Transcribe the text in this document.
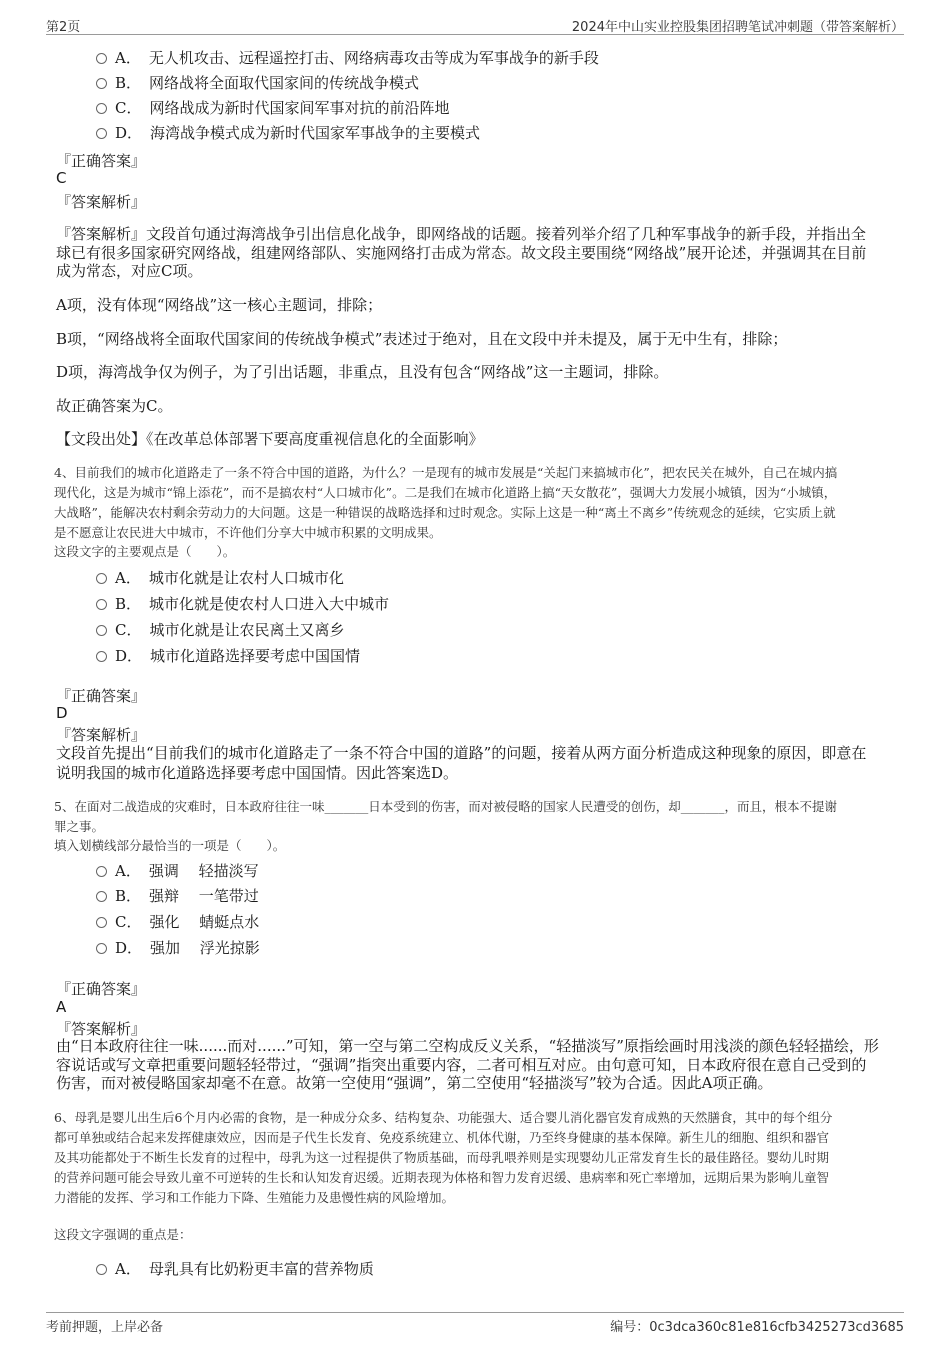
第2页	2024年中山实业控股集团招聘笔试冲刺题（带答案解析）
A． 无人机攻击、远程遥控打击、网络病毒攻击等成为军事战争的新手段
B． 网络战将全面取代国家间的传统战争模式
C． 网络战成为新时代国家间军事对抗的前沿阵地
D． 海湾战争模式成为新时代国家军事战争的主要模式
『正确答案』
C
『答案解析』
『答案解析』文段首句通过海湾战争引出信息化战争，即网络战的话题。接着列举介绍了几种军事战争的新手段，并指出全
球已有很多国家研究网络战，组建网络部队、实施网络打击成为常态。故文段主要围绕“网络战”展开论述，并强调其在目前
成为常态，对应C项。
A项，没有体现“网络战”这一核心主题词，排除；
B项，“网络战将全面取代国家间的传统战争模式”表述过于绝对，且在文段中并未提及，属于无中生有，排除；
D项，海湾战争仅为例子，为了引出话题，非重点，且没有包含“网络战”这一主题词，排除。
故正确答案为C。
【文段出处】《在改革总体部署下要高度重视信息化的全面影响》
4、目前我们的城市化道路走了一条不符合中国的道路，为什么？一是现有的城市发展是“关起门来搞城市化”，把农民关在城外，自己在城内搞
现代化，这是为城市“锦上添花”，而不是搞农村“人口城市化”。二是我们在城市化道路上搞“天女散花”，强调大力发展小城镇，因为“小城镇，
大战略”，能解决农村剩余劳动力的大问题。这是一种错误的战略选择和过时观念。实际上这是一种“离土不离乡”传统观念的延续，它实质上就
是不愿意让农民进大中城市，不许他们分享大中城市积累的文明成果。
这段文字的主要观点是（　　）。
A． 城市化就是让农村人口城市化
B． 城市化就是使农村人口进入大中城市
C． 城市化就是让农民离土又离乡
D． 城市化道路选择要考虑中国国情
『正确答案』
D
『答案解析』
文段首先提出“目前我们的城市化道路走了一条不符合中国的道路”的问题，接着从两方面分析造成这种现象的原因，即意在
说明我国的城市化道路选择要考虑中国国情。因此答案选D。
5、在面对二战造成的灾难时，日本政府往往一味_______日本受到的伤害，而对被侵略的国家人民遭受的创伤，却_______，而且，根本不提谢
罪之事。
填入划横线部分最恰当的一项是（　　）。
A． 强调　 轻描淡写
B． 强辩　 一笔带过
C． 强化　 蜻蜓点水
D． 强加　 浮光掠影
『正确答案』
A
『答案解析』
由“日本政府往往一味......而对......”可知，第一空与第二空构成反义关系，“轻描淡写”原指绘画时用浅淡的颜色轻轻描绘，形
容说话或写文章把重要问题轻轻带过，“强调”指突出重要内容，二者可相互对应。由句意可知，日本政府很在意自己受到的
伤害，而对被侵略国家却毫不在意。故第一空使用“强调”，第二空使用“轻描淡写”较为合适。因此A项正确。
6、母乳是婴儿出生后6个月内必需的食物，是一种成分众多、结构复杂、功能强大、适合婴儿消化器官发育成熟的天然膳食，其中的每个组分
都可单独或结合起来发挥健康效应，因而是子代生长发育、免疫系统建立、机体代谢，乃至终身健康的基本保障。新生儿的细胞、组织和器官
及其功能都处于不断生长发育的过程中，母乳为这一过程提供了物质基础，而母乳喂养则是实现婴幼儿正常发育生长的最佳路径。婴幼儿时期
的营养问题可能会导致儿童不可逆转的生长和认知发育迟缓。近期表现为体格和智力发育迟缓、患病率和死亡率增加，远期后果为影响儿童智
力潜能的发挥、学习和工作能力下降、生殖能力及患慢性病的风险增加。
这段文字强调的重点是：
A． 母乳具有比奶粉更丰富的营养物质
考前押题，上岸必备	编号：0c3dca360c81e816cfb3425273cd3685
